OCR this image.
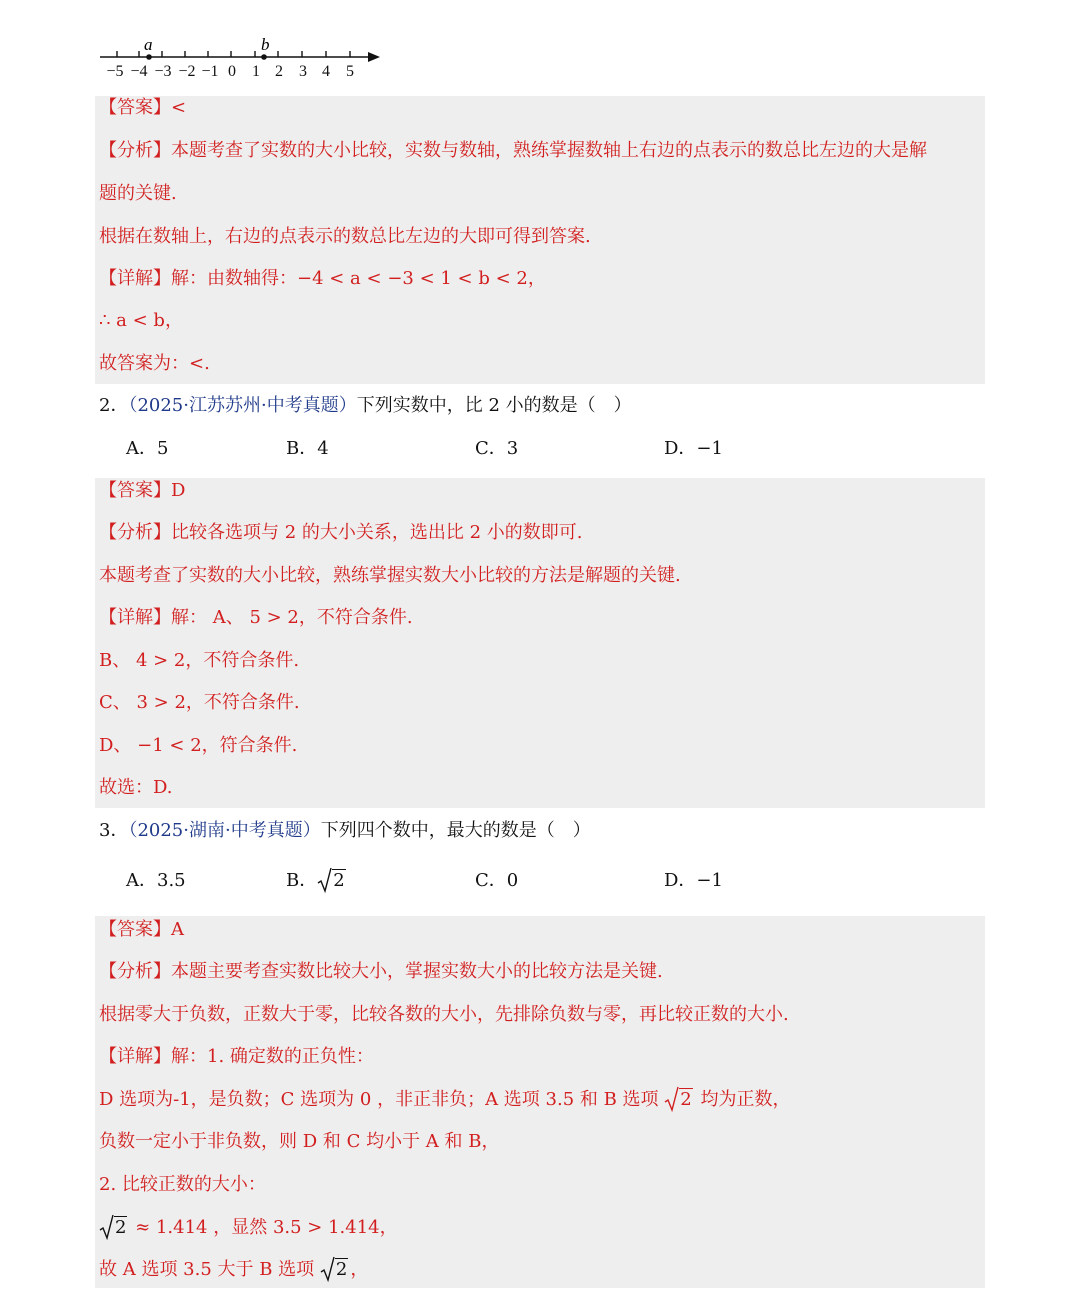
a	b
−5 −4 −3 −2 −1 0 1 2 3 4 5
【答案】<
【分析】本题考查了实数的大小比较，实数与数轴，熟练掌握数轴上右边的点表示的数总比左边的大是解
题的关键.
根据在数轴上，右边的点表示的数总比左边的大即可得到答案.
【详解】解：由数轴得：−4 < a < −3 < 1 < b < 2，
∴ a < b，
故答案为：<.
2．（2025·江苏苏州·中考真题）下列实数中，比 2 小的数是（　）
A．5	B．4	C．3	D．−1
【答案】D
【分析】比较各选项与 2 的大小关系，选出比 2 小的数即可.
本题考查了实数的大小比较，熟练掌握实数大小比较的方法是解题的关键.
【详解】解： A、 5 > 2，不符合条件.
B、 4 > 2，不符合条件.
C、 3 > 2，不符合条件.
D、 −1 < 2，符合条件.
故选：D.
3．（2025·湖南·中考真题）下列四个数中，最大的数是（　）
A．3.5	B． 2	C．0	D．−1
【答案】A
【分析】本题主要考查实数比较大小，掌握实数大小的比较方法是关键.
根据零大于负数，正数大于零，比较各数的大小，先排除负数与零，再比较正数的大小.
【详解】解：1. 确定数的正负性：
D 选项为-1，是负数；C 选项为 0 ，非正非负；A 选项 3.5 和 B 选项
2 均为正数，
负数一定小于非负数，则 D 和 C 均小于 A 和 B，
2. 比较正数的大小：
2 ≈ 1.414 ，显然 3.5 > 1.414，
故 A 选项 3.5 大于 B 选项
2 ，
